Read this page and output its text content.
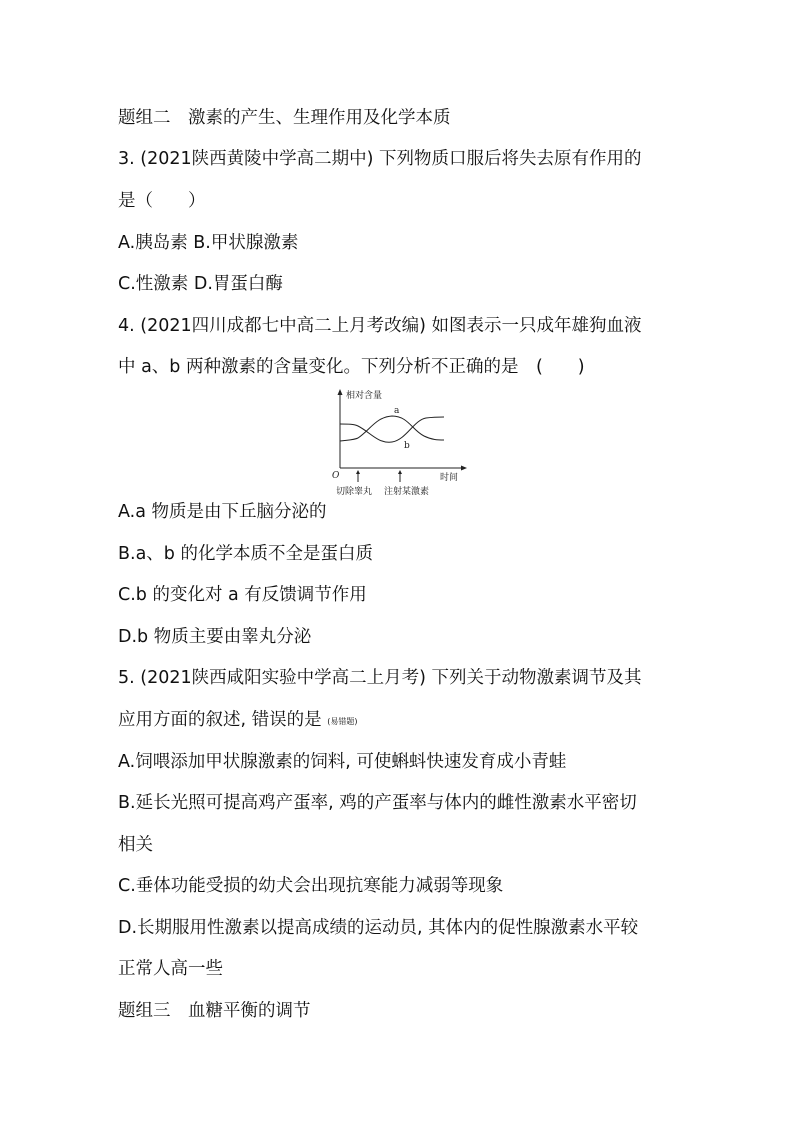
题组二　激素的产生、生理作用及化学本质
3. (2021陕西黄陵中学高二期中) 下列物质口服后将失去原有作用的
是（　　）
A.胰岛素 B.甲状腺激素
C.性激素 D.胃蛋白酶
4. (2021四川成都七中高二上月考改编) 如图表示一只成年雄狗血液
中 a、b 两种激素的含量变化。下列分析不正确的是　(　　)
相对含量
时间
O
a
b
切除睾丸 注射某激素
A.a 物质是由下丘脑分泌的
B.a、b 的化学本质不全是蛋白质
C.b 的变化对 a 有反馈调节作用
D.b 物质主要由睾丸分泌
5. (2021陕西咸阳实验中学高二上月考) 下列关于动物激素调节及其
应用方面的叙述, 错误的是 (易错题)
A.饲喂添加甲状腺激素的饲料, 可使蝌蚪快速发育成小青蛙
B.延长光照可提高鸡产蛋率, 鸡的产蛋率与体内的雌性激素水平密切
相关
C.垂体功能受损的幼犬会出现抗寒能力减弱等现象
D.长期服用性激素以提高成绩的运动员, 其体内的促性腺激素水平较
正常人高一些
题组三　血糖平衡的调节
